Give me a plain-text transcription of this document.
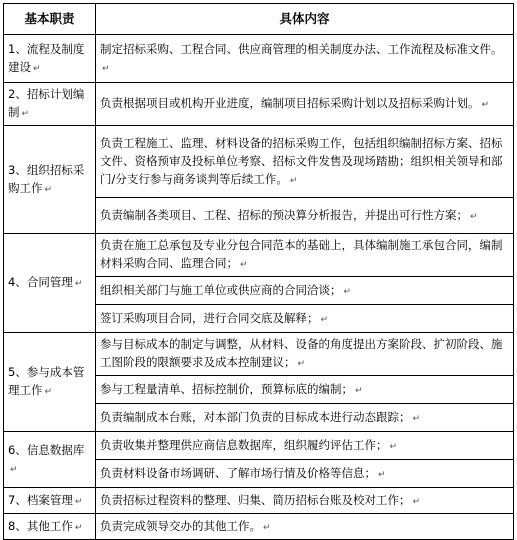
基本职责	具体内容
1、流程及制度建设 ↵	制定招标采购、工程合同、供应商管理的相关制度办法、工作流程及标准文件。↵
2、招标计划编制 ↵	负责根据项目或机构开业进度，编制项目招标采购计划以及招标采购计划。 ↵
3、组织招标采购工作 ↵	负责工程施工、监理、材料设备的招标采购工作，包括组织编制招标方案、招标文件、资格预审及投标单位考察、招标文件发售及现场踏勘；组织相关领导和部门/分支行参与商务谈判等后续工作。 ↵
	负责编制各类项目、工程、招标的预决算分析报告，并提出可行性方案； ↵
4、合同管理 ↵	负责在施工总承包及专业分包合同范本的基础上，具体编制施工承包合同，编制材料采购合同、监理合同； ↵
	组织相关部门与施工单位或供应商的合同洽谈； ↵
	签订采购项目合同，进行合同交底及解释； ↵
5、参与成本管理工作 ↵	参与目标成本的制定与调整，从材料、设备的角度提出方案阶段、扩初阶段、施工图阶段的限额要求及成本控制建议； ↵
	参与工程量清单、招标控制价，预算标底的编制； ↵
	负责编制成本台账，对本部门负责的目标成本进行动态跟踪； ↵
6、信息数据库↵	负责收集并整理供应商信息数据库，组织履约评估工作； ↵
	负责材料设备市场调研、了解市场行情及价格等信息； ↵
7、档案管理 ↵	负责招标过程资料的整理、归集、简历招标台账及校对工作； ↵
8、其他工作 ↵	负责完成领导交办的其他工作。 ↵
